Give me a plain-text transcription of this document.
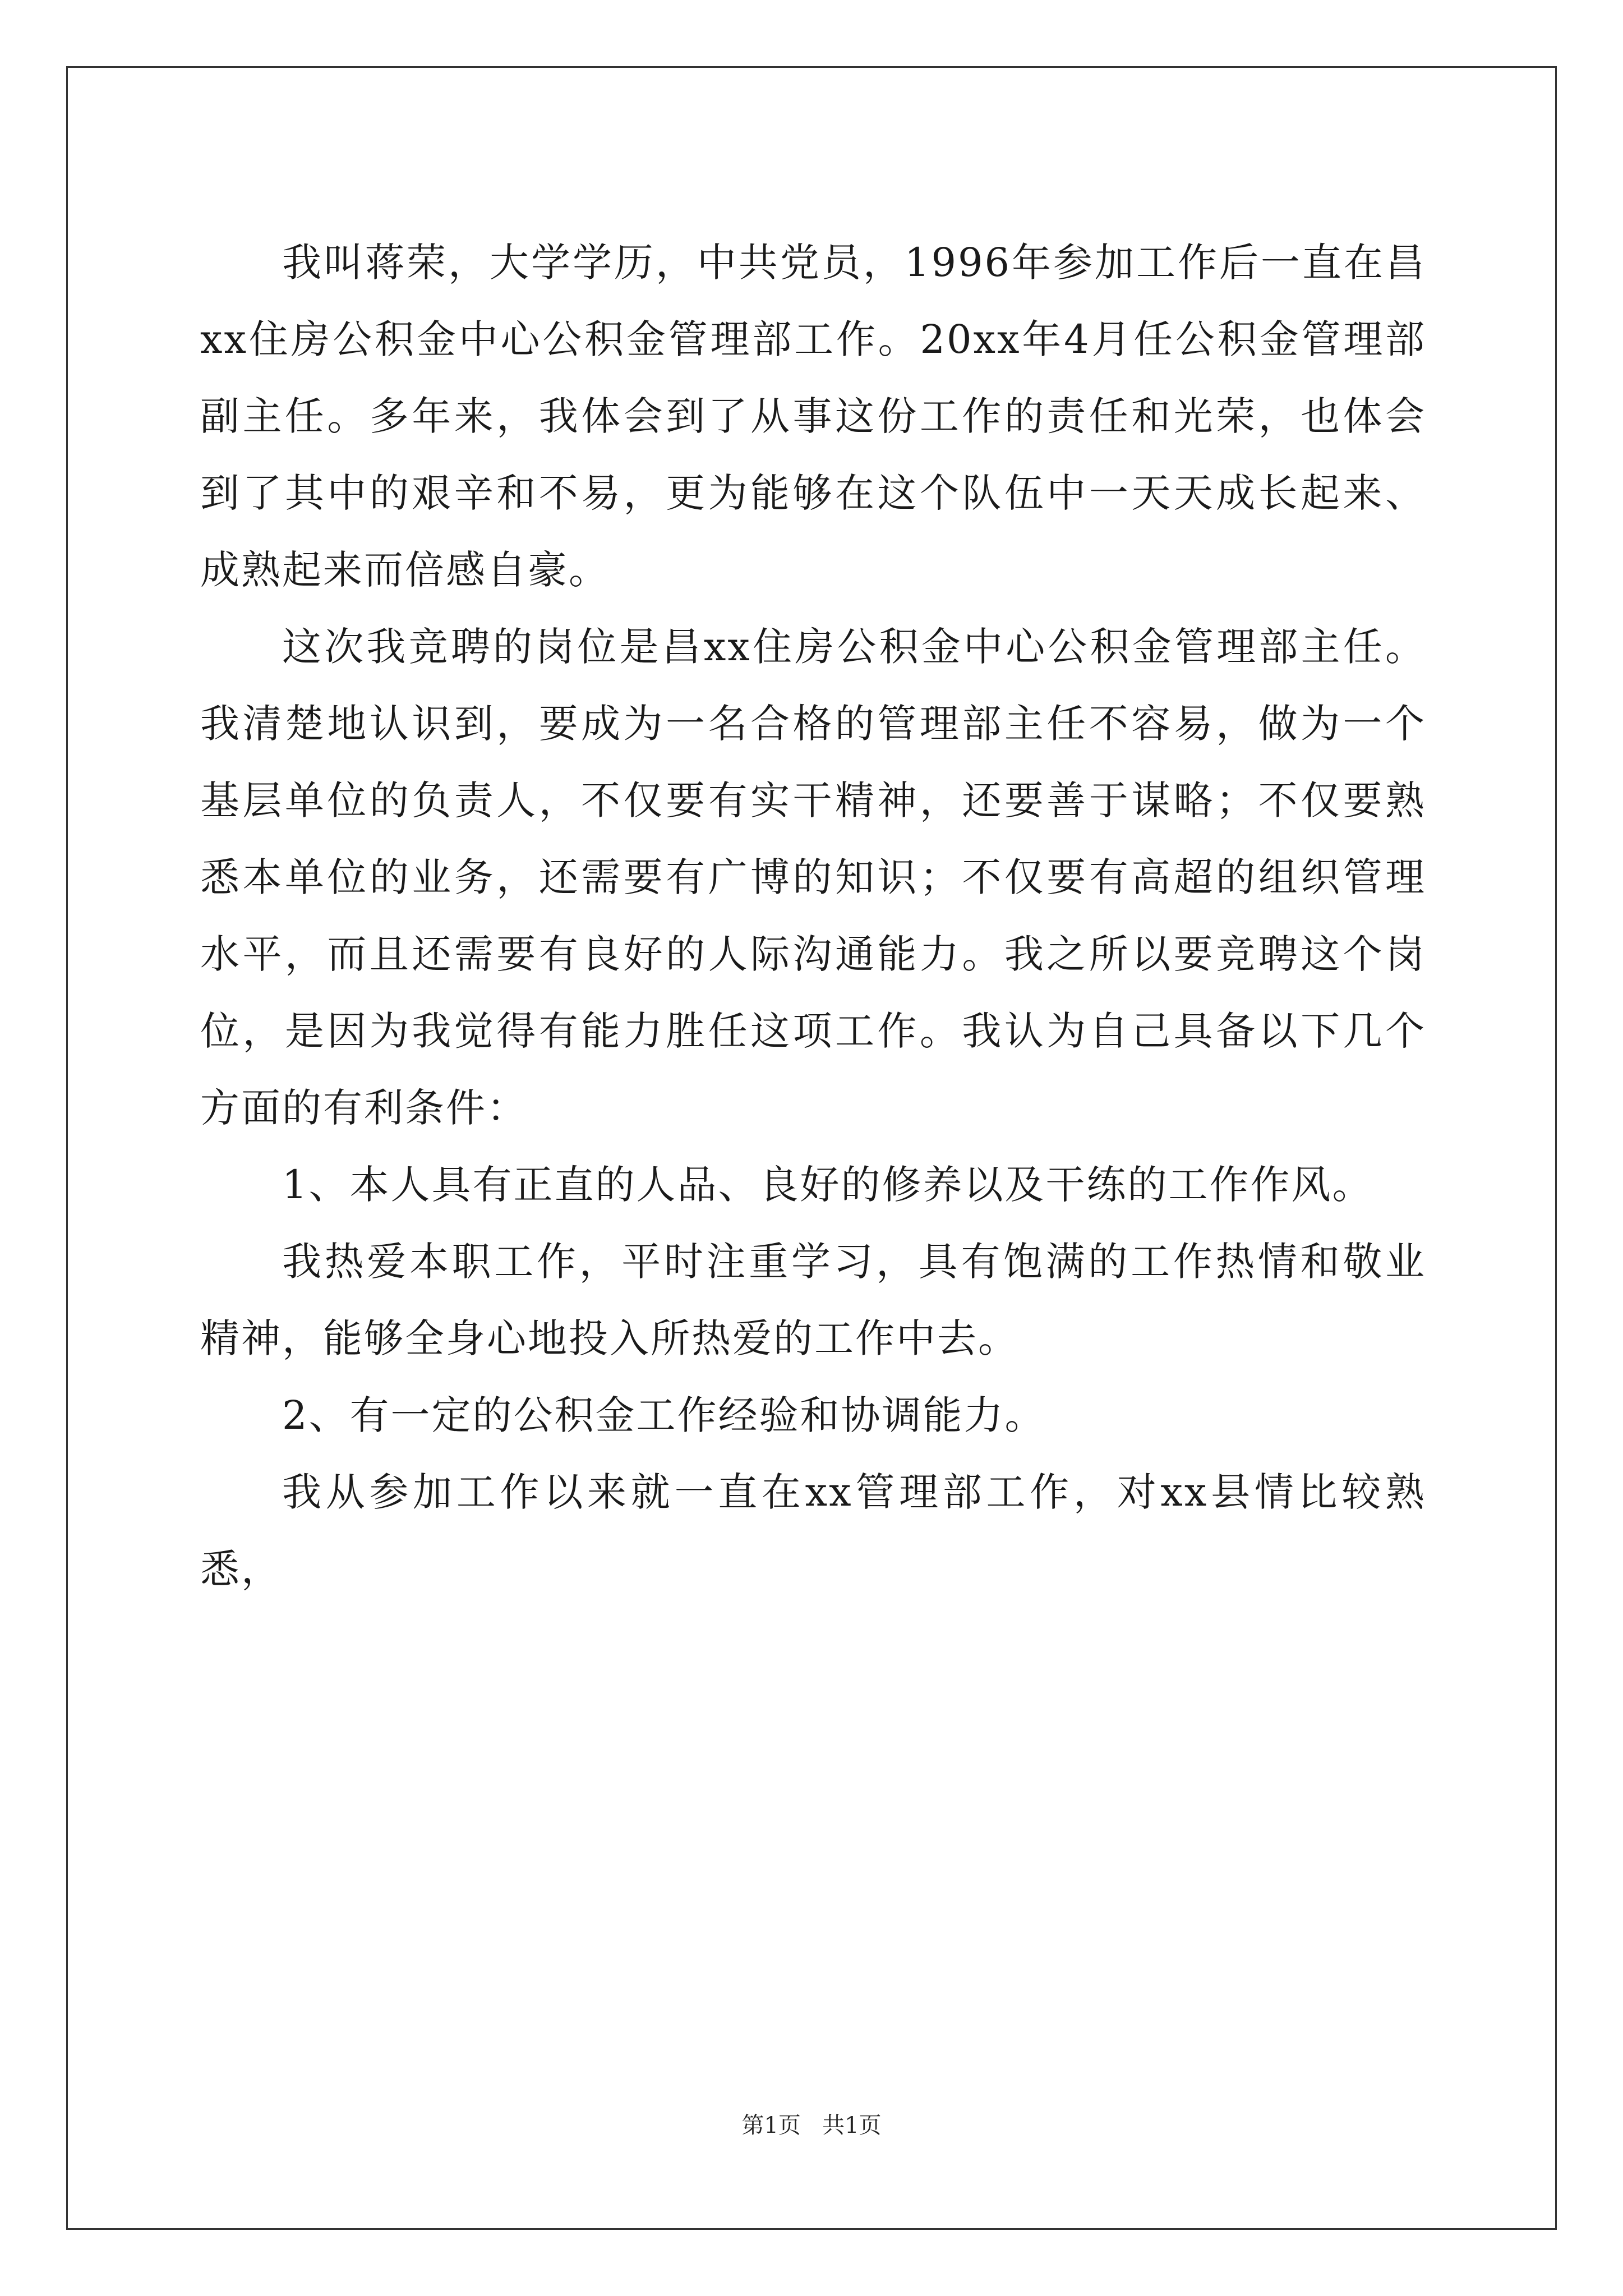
我叫蒋荣，大学学历，中共党员，1996年参加工作后一直在昌xx住房公积金中心公积金管理部工作。20xx年4月任公积金管理部副主任。多年来，我体会到了从事这份工作的责任和光荣，也体会到了其中的艰辛和不易，更为能够在这个队伍中一天天成长起来、成熟起来而倍感自豪。

这次我竞聘的岗位是昌xx住房公积金中心公积金管理部主任。我清楚地认识到，要成为一名合格的管理部主任不容易，做为一个基层单位的负责人，不仅要有实干精神，还要善于谋略；不仅要熟悉本单位的业务，还需要有广博的知识；不仅要有高超的组织管理水平，而且还需要有良好的人际沟通能力。我之所以要竞聘这个岗位，是因为我觉得有能力胜任这项工作。我认为自己具备以下几个方面的有利条件：

1、本人具有正直的人品、良好的修养以及干练的工作作风。

我热爱本职工作，平时注重学习，具有饱满的工作热情和敬业精神，能够全身心地投入所热爱的工作中去。

2、有一定的公积金工作经验和协调能力。

我从参加工作以来就一直在xx管理部工作，对xx县情比较熟悉，

第1页 共1页
